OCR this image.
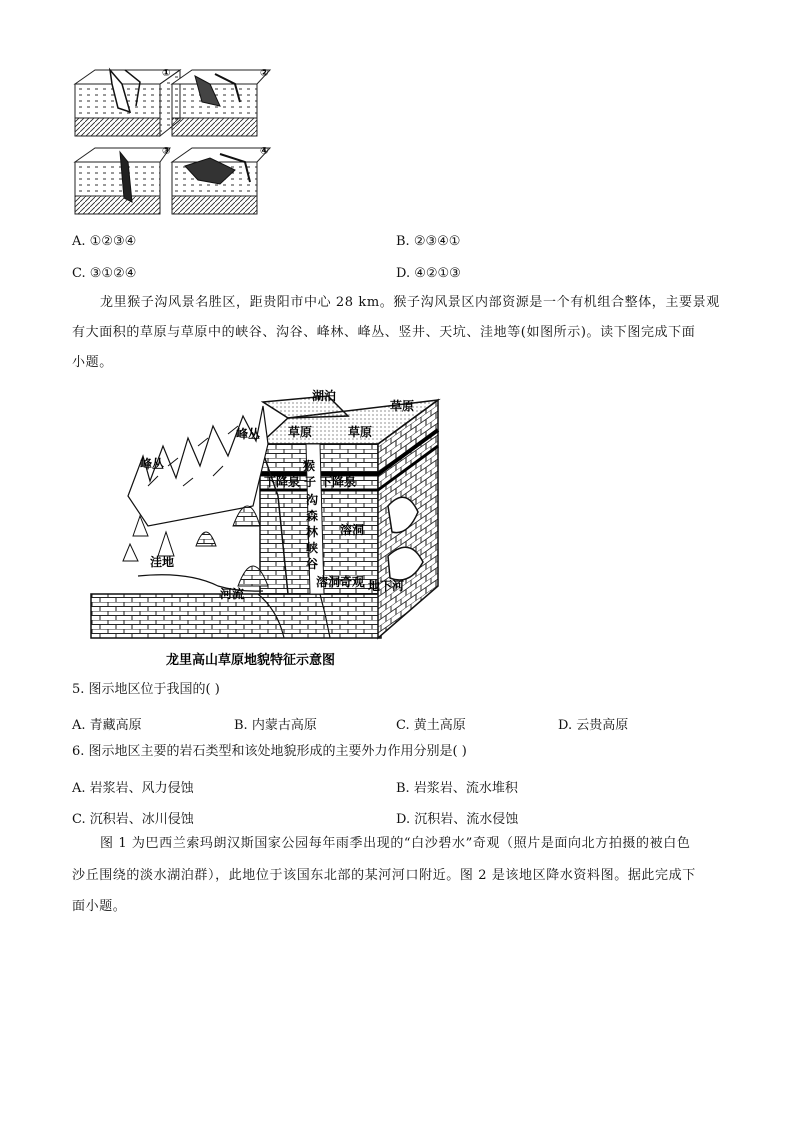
①	②
③	④
A. ①②③④	B. ②③④①
C. ③①②④	D. ④②①③
龙里猴子沟风景名胜区，距贵阳市中心 28 km。猴子沟风景区内部资源是一个有机组合整体，主要景观
有大面积的草原与草原中的峡谷、沟谷、峰林、峰丛、竖井、天坑、洼地等(如图所示)。读下图完成下面
小题。
湖泊
草原
草原	草原
峰丛
峰丛	猴
下降泉 子 下降泉
沟
森
林
峡
谷
溶洞
洼地
溶洞奇观 地下河
河流
龙里高山草原地貌特征示意图
5. 图示地区位于我国的( )
A. 青藏高原	B. 内蒙古高原	C. 黄土高原	D. 云贵高原
6. 图示地区主要的岩石类型和该处地貌形成的主要外力作用分别是( )
A. 岩浆岩、风力侵蚀	B. 岩浆岩、流水堆积
C. 沉积岩、冰川侵蚀	D. 沉积岩、流水侵蚀
图 1 为巴西兰索玛朗汉斯国家公园每年雨季出现的“白沙碧水”奇观（照片是面向北方拍摄的被白色
沙丘围绕的淡水湖泊群），此地位于该国东北部的某河河口附近。图 2 是该地区降水资料图。据此完成下
面小题。
